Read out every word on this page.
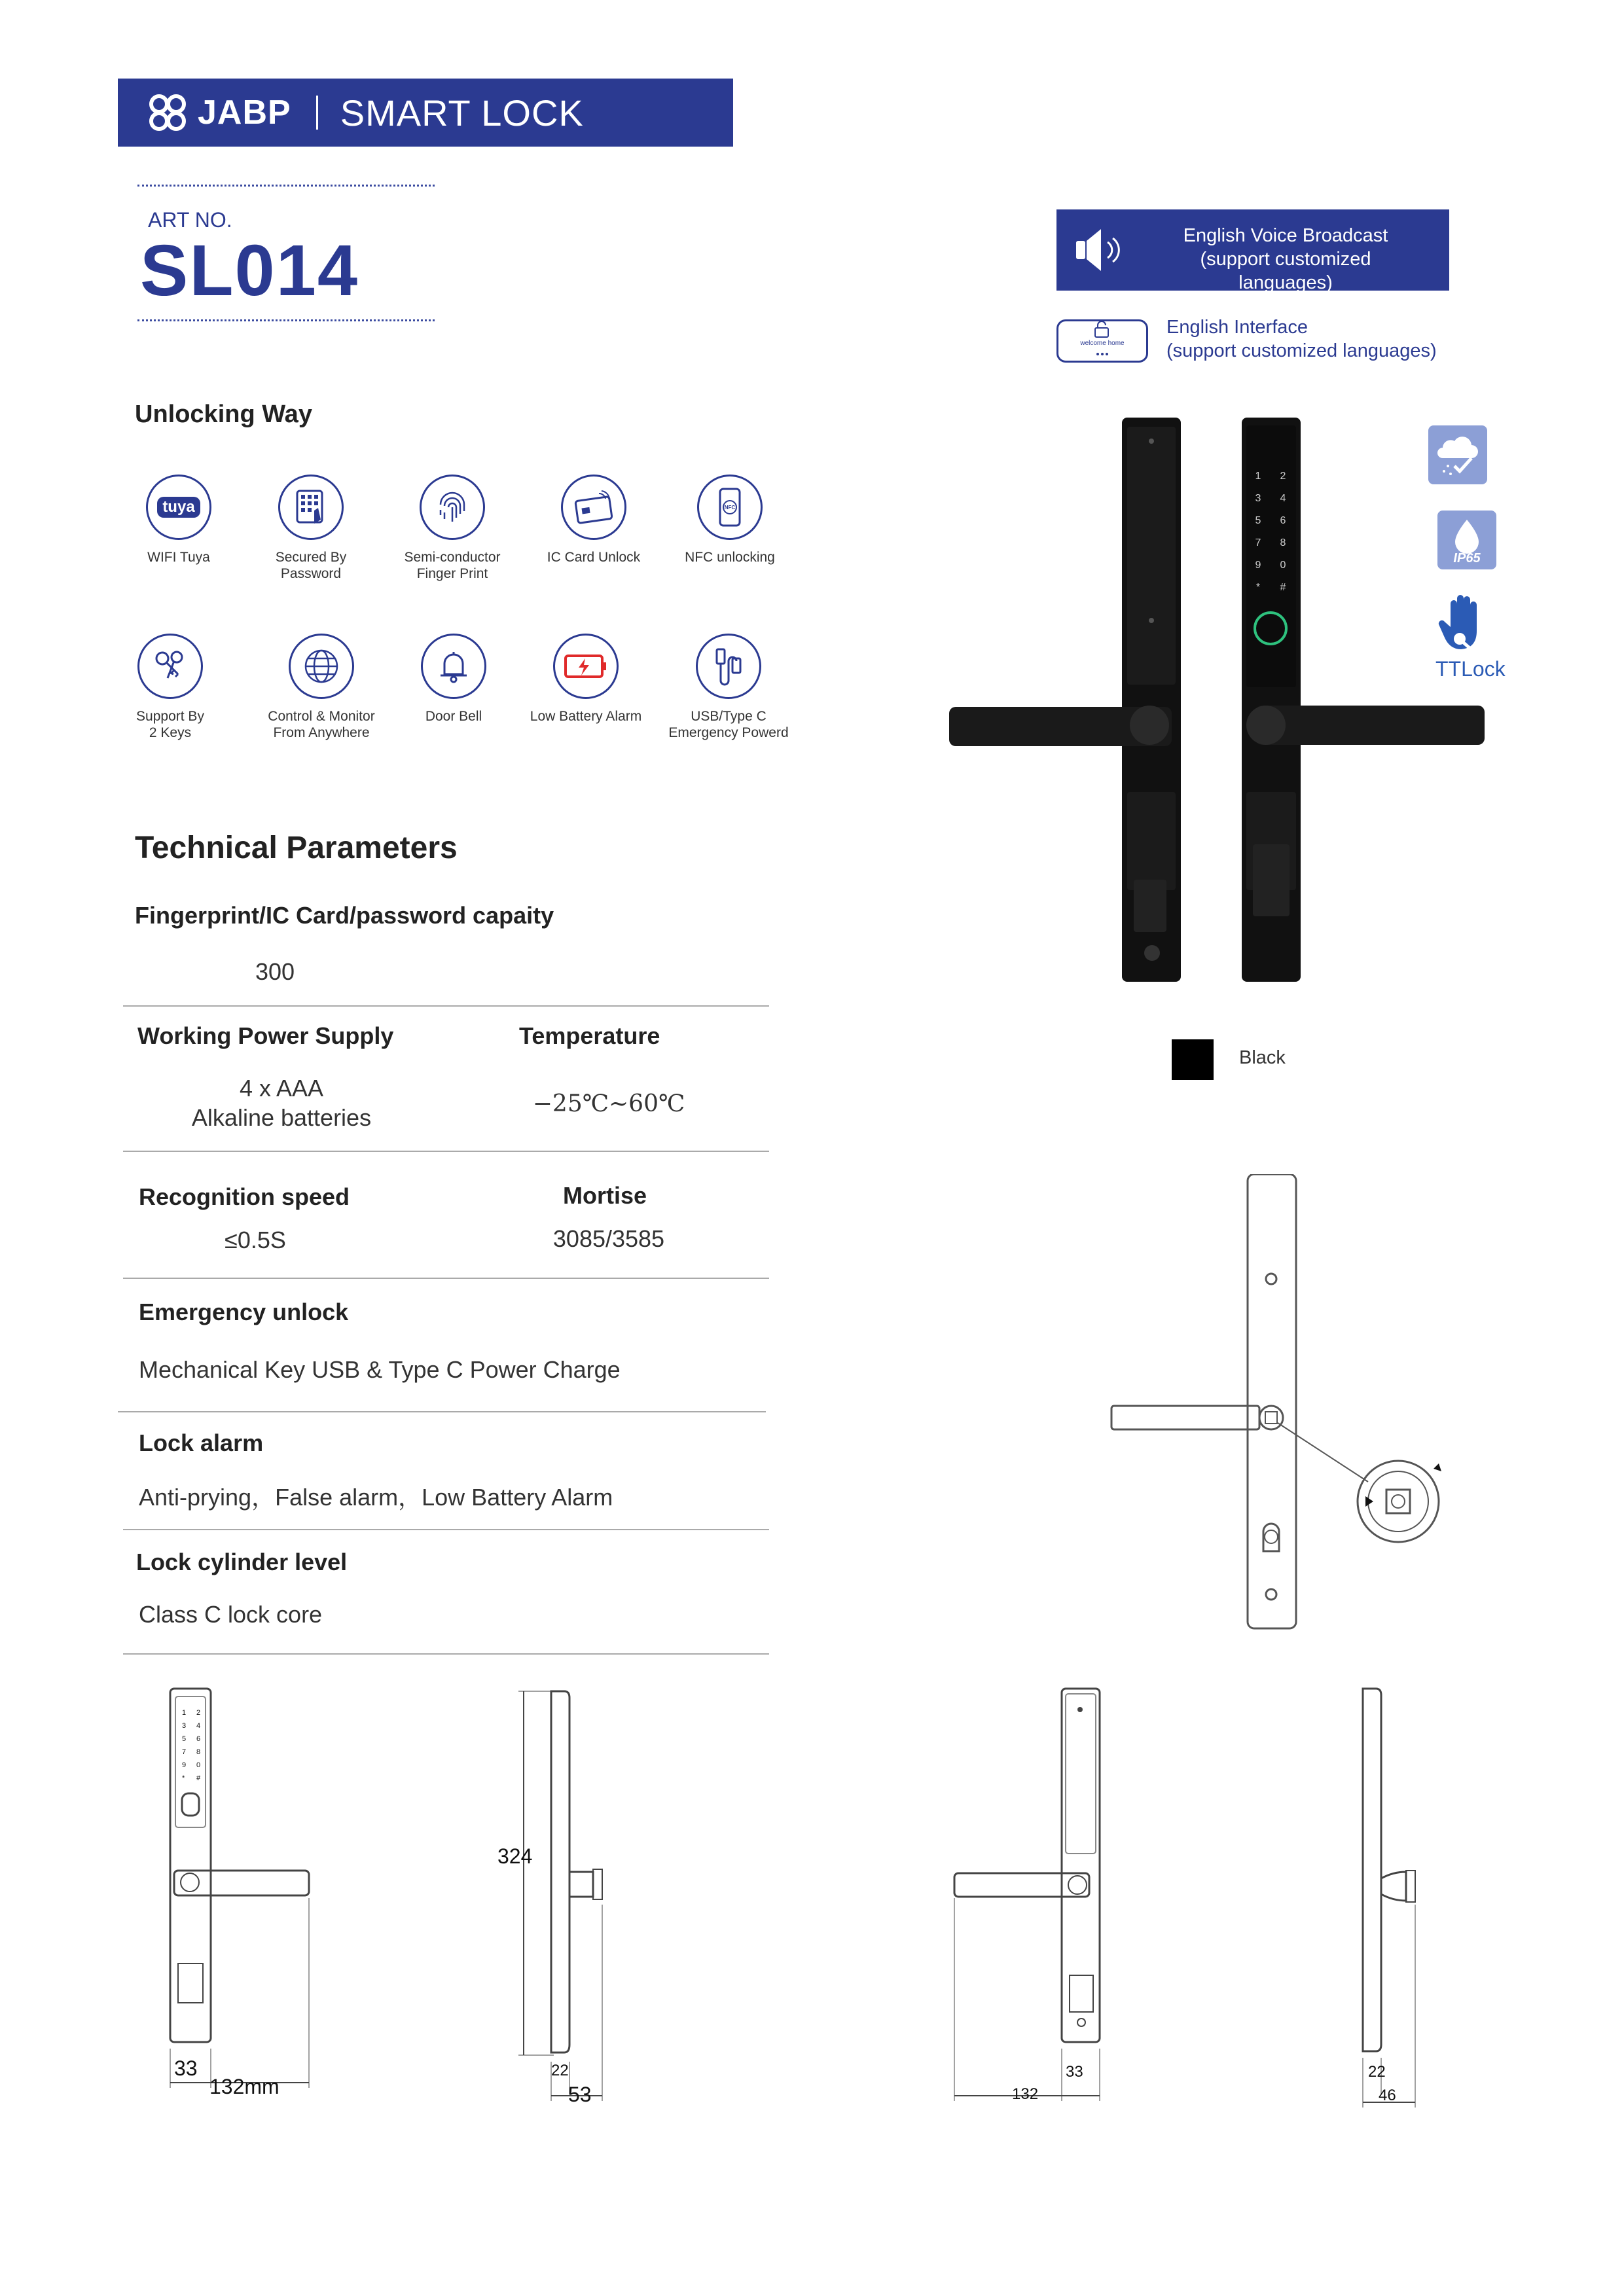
JABP SMART LOCK
ART NO.
SL014
Unlocking Way
tuya
WIFI Tuya	Secured By
Password
Semi-conductor
Finger Print
IC Card Unlock
NFC
NFC unlocking
Support By
2 Keys
Control & Monitor
From Anywhere
Door Bell	Low Battery Alarm	USB/Type C
Emergency Powerd
Technical Parameters
Fingerprint/IC Card/password capaity
300
Working Power Supply
4 x AAA
Alkaline batteries
Temperature
−25℃~60℃
Recognition speed
≤0.5S
Mortise
3085/3585
Emergency unlock
Mechanical Key USB & Type C Power Charge
Lock alarm
Anti-prying，False alarm，Low Battery Alarm
Lock cylinder level
Class C lock core
English Voice Broadcast
(support customized languages)
welcome home
English Interface
(support customized languages)
IP65
TTLock
1 2
3 4
5 6
7 8
9 0
* #
Black
1 2
3 4
5 6
7 8
9 0
* #
33
132mm
324
22
53	132
33	22
46
